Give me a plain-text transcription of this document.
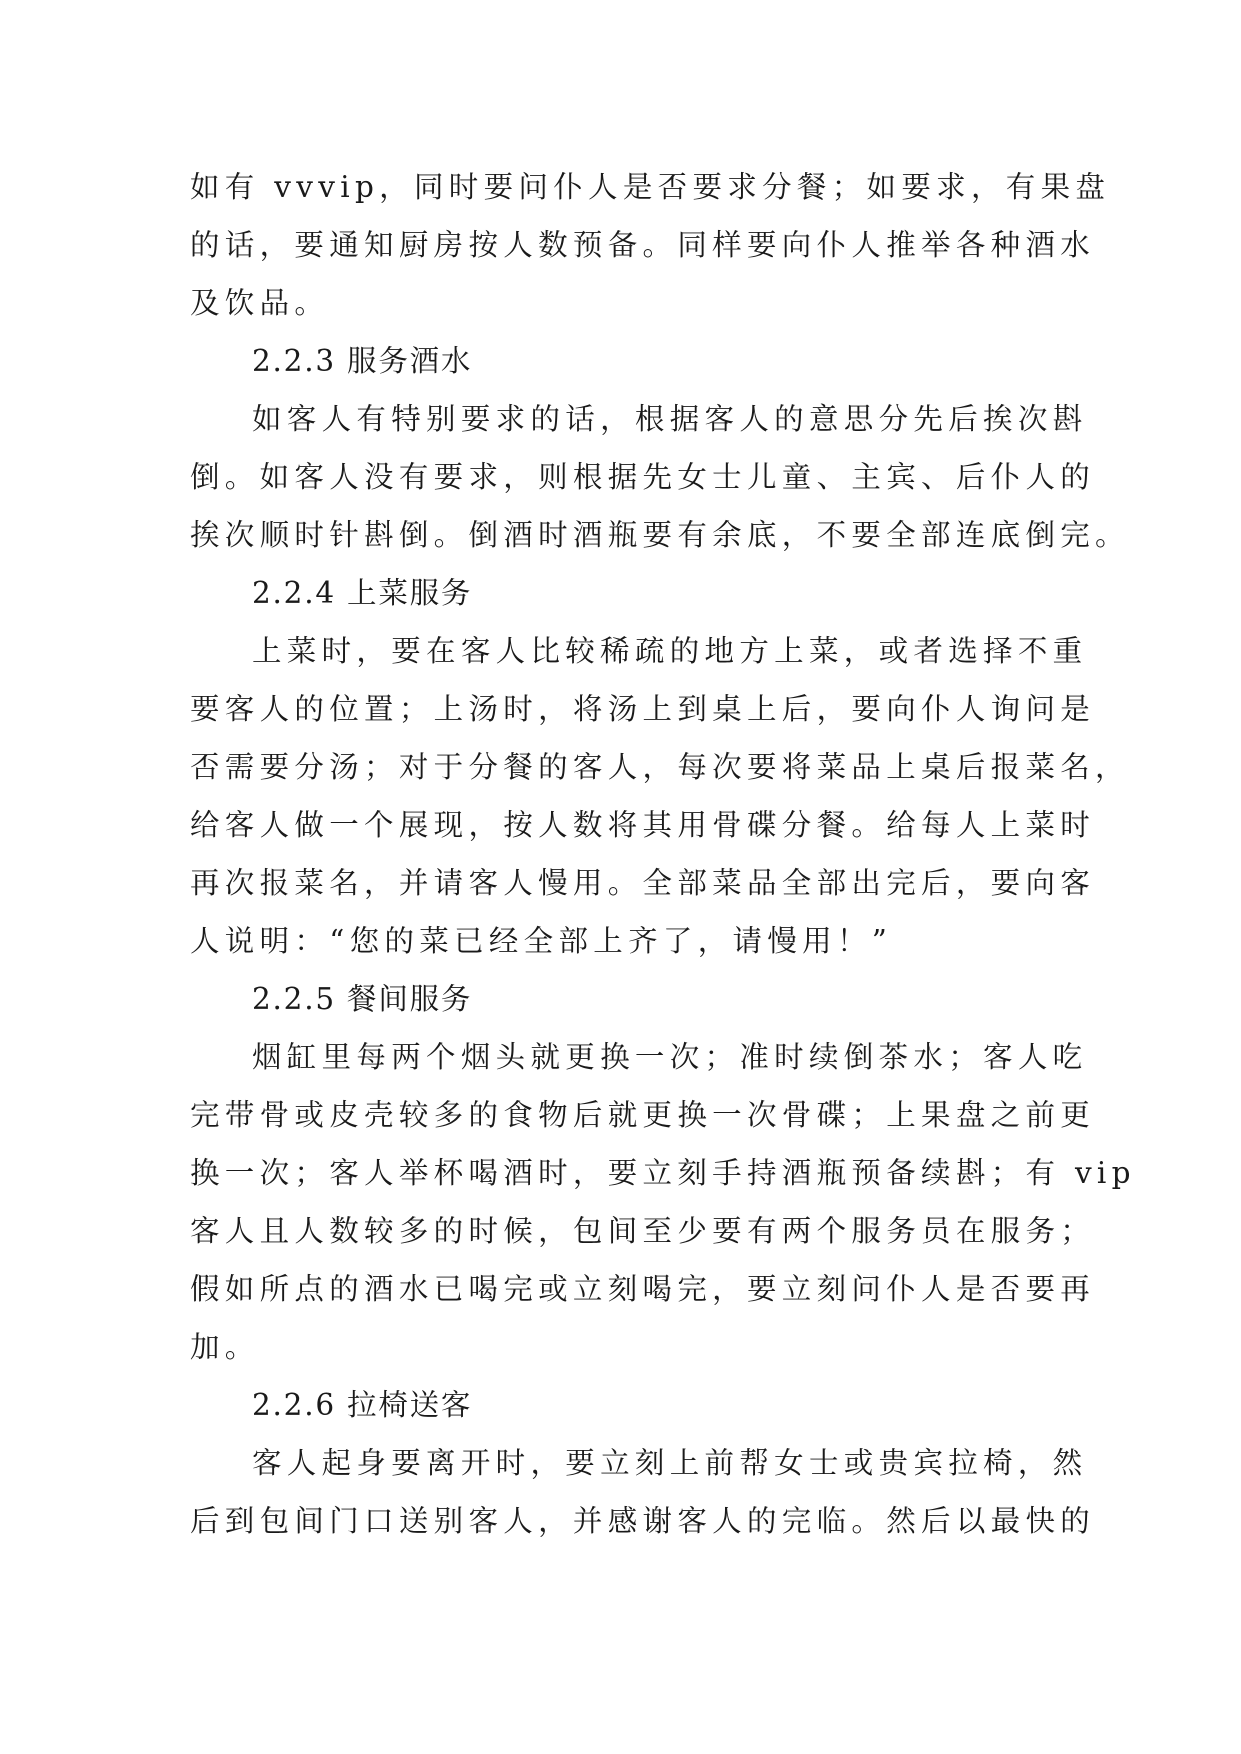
如有 vvvip，同时要问仆人是否要求分餐；如要求，有果盘
的话，要通知厨房按人数预备。同样要向仆人推举各种酒水
及饮品。
2.2.3 服务酒水
如客人有特别要求的话，根据客人的意思分先后挨次斟
倒。如客人没有要求，则根据先女士儿童、主宾、后仆人的
挨次顺时针斟倒。倒酒时酒瓶要有余底，不要全部连底倒完。
2.2.4 上菜服务
上菜时，要在客人比较稀疏的地方上菜，或者选择不重
要客人的位置；上汤时，将汤上到桌上后，要向仆人询问是
否需要分汤；对于分餐的客人，每次要将菜品上桌后报菜名，
给客人做一个展现，按人数将其用骨碟分餐。给每人上菜时
再次报菜名，并请客人慢用。全部菜品全部出完后，要向客
人说明：“您的菜已经全部上齐了，请慢用！”
2.2.5 餐间服务
烟缸里每两个烟头就更换一次；准时续倒茶水；客人吃
完带骨或皮壳较多的食物后就更换一次骨碟；上果盘之前更
换一次；客人举杯喝酒时，要立刻手持酒瓶预备续斟；有 vip
客人且人数较多的时候，包间至少要有两个服务员在服务；
假如所点的酒水已喝完或立刻喝完，要立刻问仆人是否要再
加。
2.2.6 拉椅送客
客人起身要离开时，要立刻上前帮女士或贵宾拉椅，然
后到包间门口送别客人，并感谢客人的完临。然后以最快的
